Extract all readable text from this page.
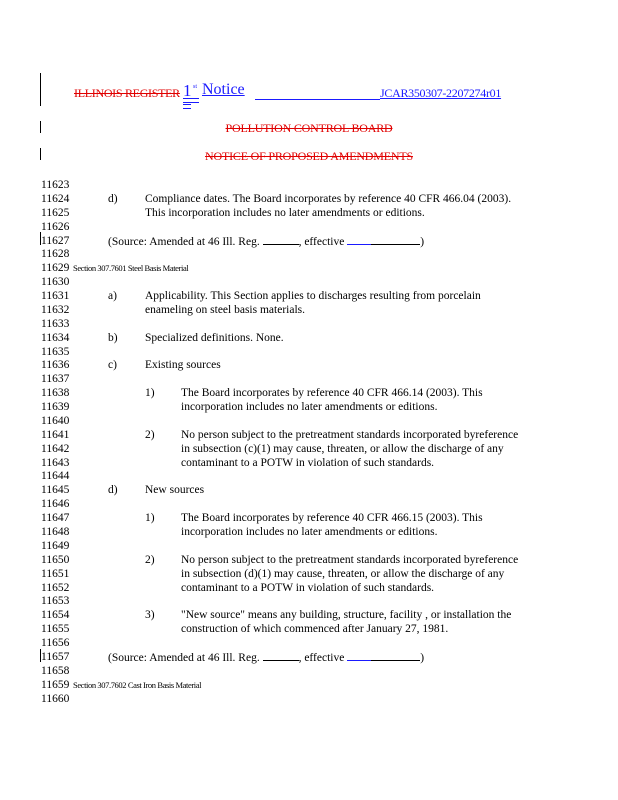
ILLINOIS REGISTER 1 st Notice	JCAR350307-2207274r01
POLLUTION CONTROL BOARD
NOTICE OF PROPOSED AMENDMENTS
11623
11624	d) Compliance dates. The Board incorporates by reference 40 CFR 466.04 (2003).
11625	This incorporation includes no later amendments or editions.
11626
11627	(Source: Amended at 46 Ill. Reg.	, effective	)
11628
11629 Section 307.7601 Steel Basis Material
11630
11631	a) Applicability. This Section applies to discharges resulting from porcelain
11632	enameling on steel basis materials.
11633
11634	b) Specialized definitions. None.
11635
11636	c) Existing sources
11637
11638	1) The Board incorporates by reference 40 CFR 466.14 (2003). This
11639	incorporation includes no later amendments or editions.
11640
11641	2) No person subject to the pretreatment standards incorporated byreference
11642	in subsection (c)(1) may cause, threaten, or allow the discharge of any
11643	contaminant to a POTW in violation of such standards.
11644
11645	d) New sources
11646
11647	1) The Board incorporates by reference 40 CFR 466.15 (2003). This
11648	incorporation includes no later amendments or editions.
11649
11650	2) No person subject to the pretreatment standards incorporated byreference
11651	in subsection (d)(1) may cause, threaten, or allow the discharge of any
11652	contaminant to a POTW in violation of such standards.
11653
11654	3) "New source" means any building, structure, facility , or installation the
11655	construction of which commenced after January 27, 1981.
11656
11657	(Source: Amended at 46 Ill. Reg.	, effective	)
11658
11659 Section 307.7602 Cast Iron Basis Material
11660
